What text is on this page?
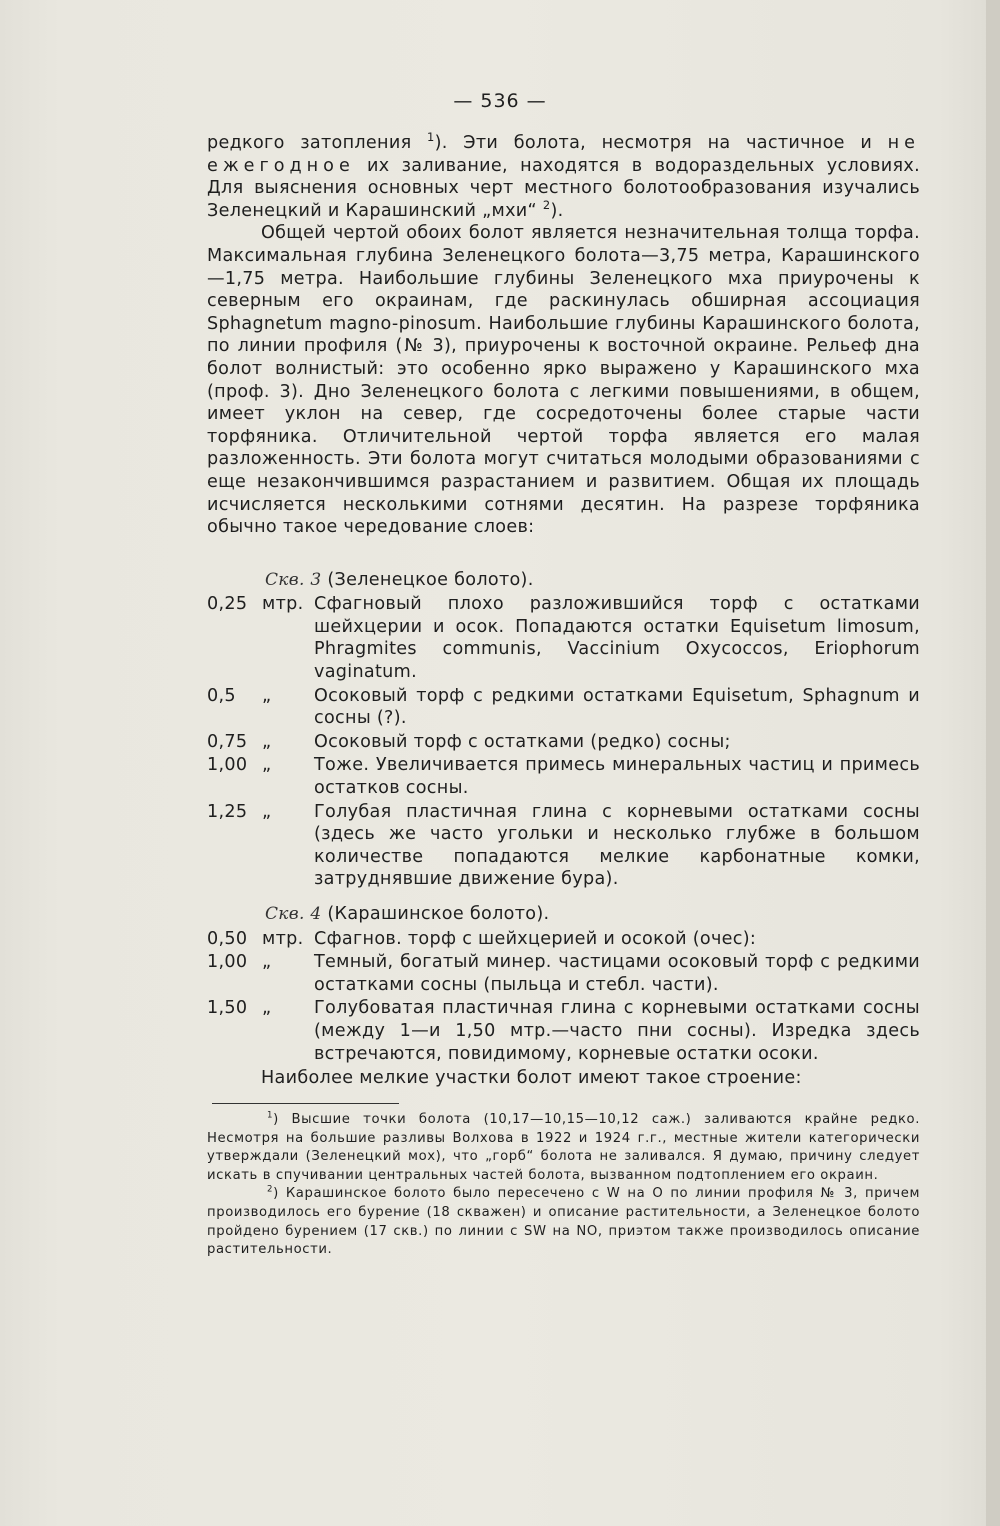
— 536 —

редкого затопления $^1$). Эти болота, несмотря на частичное и не ежегодное их заливание, находятся в водораздельных условиях. Для выяснения основных черт местного болотообразования изучались Зеленецкий и Карашинский „мхи“ $^2$).

Общей чертой обоих болот является незначительная толща торфа. Максимальная глубина Зеленецкого болота—3,75 метра, Карашинского—1,75 метра. Наибольшие глубины Зеленецкого мха приурочены к северным его окраинам, где раскинулась обширная ассоциация Sphagnetum magno-pinosum. Наибольшие глубины Карашинского болота, по линии профиля (№ 3), приурочены к восточной окраине. Рельеф дна болот волнистый: это особенно ярко выражено у Карашинского мха (проф. 3). Дно Зеленецкого болота с легкими повышениями, в общем, имеет уклон на север, где сосредоточены более старые части торфяника. Отличительной чертой торфа является его малая разложенность. Эти болота могут считаться молодыми образованиями с еще незакончившимся разрастанием и развитием. Общая их площадь исчисляется несколькими сотнями десятин. На разрезе торфяника обычно такое чередование слоев:

Скв. 3 (Зеленецкое болото).

0,25 мтр. Сфагновый плохо разложившийся торф с остатками шейхцерии и осок. Попадаются остатки Equisetum limosum, Phragmites communis, Vaccinium Oxycoccos, Eriophorum vaginatum.
0,5	„	Осоковый торф с редкими остатками Equisetum, Sphagnum и сосны (?).
0,75 „	Осоковый торф с остатками (редко) сосны;
1,00 „	Тоже. Увеличивается примесь минеральных частиц и примесь остатков сосны.
1,25 „	Голубая пластичная глина с корневыми остатками сосны (здесь же часто угольки и несколько глубже в большом количестве попадаются мелкие карбонатные комки, затруднявшие движение бура).

Скв. 4 (Карашинское болото).

0,50 мтр. Сфагнов. торф с шейхцерией и осокой (очес):
1,00 „	Темный, богатый минер. частицами осоковый торф с редкими остатками сосны (пыльца и стебл. части).
1,50 „	Голубоватая пластичная глина с корневыми остатками сосны (между 1—и 1,50 мтр.—часто пни сосны). Изредка здесь встречаются, повидимому, корневые остатки осоки.

Наиболее мелкие участки болот имеют такое строение:

$^1$) Высшие точки болота (10,17—10,15—10,12 саж.) заливаются крайне редко. Несмотря на большие разливы Волхова в 1922 и 1924 г.г., местные жители категорически утверждали (Зеленецкий мох), что „горб“ болота не заливался. Я думаю, причину следует искать в спучивании центральных частей болота, вызванном подтоплением его окраин.

$^2$) Карашинское болото было пересечено с W на O по линии профиля № 3, причем производилось его бурение (18 скважен) и описание растительности, а Зеленецкое болото пройдено бурением (17 скв.) по линии с SW на NO, приэтом также производилось описание растительности.
